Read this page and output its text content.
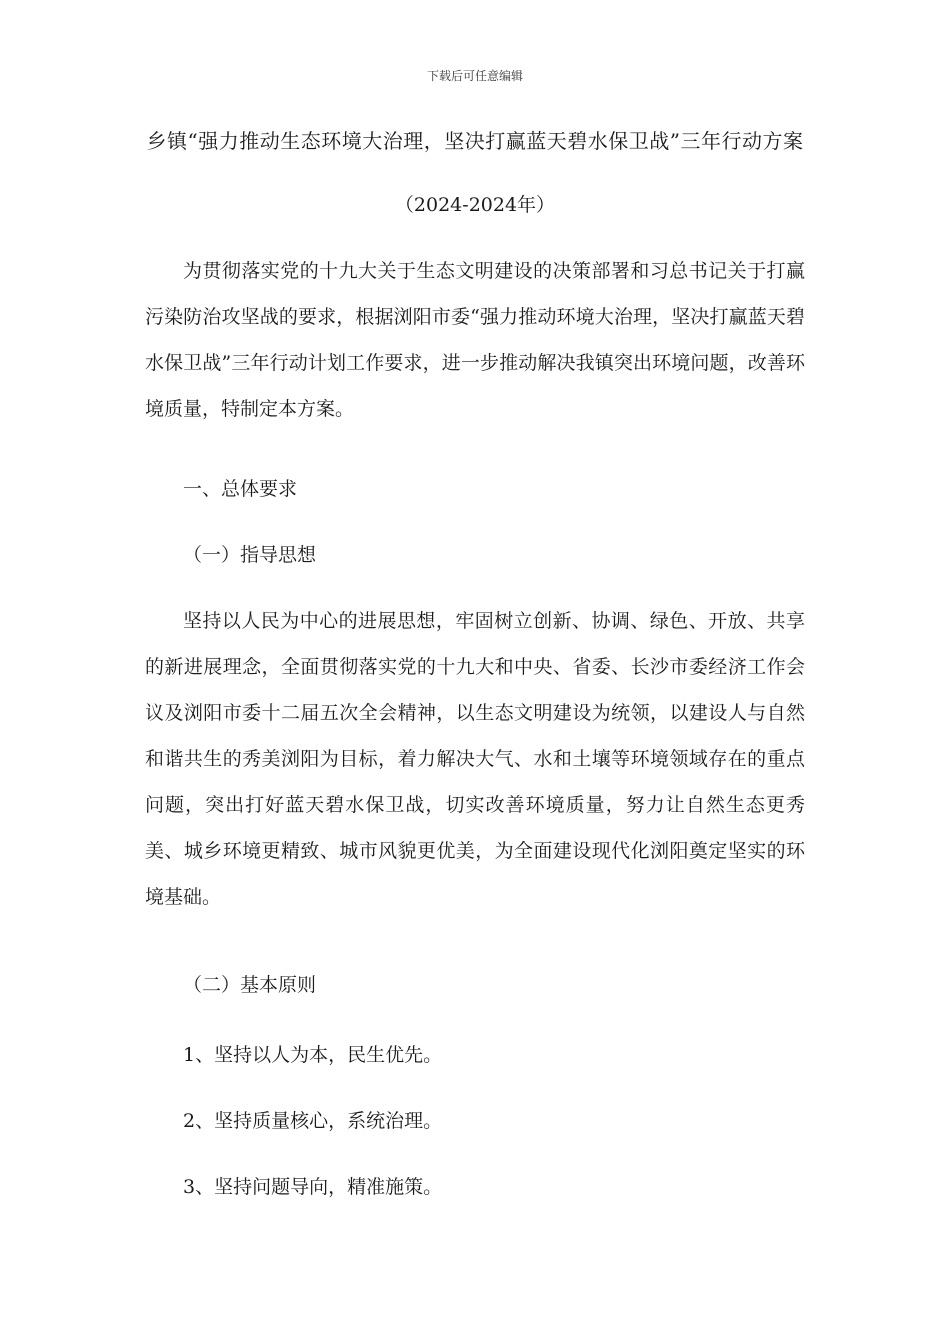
下载后可任意编辑
乡镇“强力推动生态环境大治理，坚决打赢蓝天碧水保卫战”三年行动方案
（2024-2024年）

为贯彻落实党的十九大关于生态文明建设的决策部署和习总书记关于打赢污染防治攻坚战的要求，根据浏阳市委“强力推动环境大治理，坚决打赢蓝天碧水保卫战”三年行动计划工作要求，进一步推动解决我镇突出环境问题，改善环境质量，特制定本方案。

一、总体要求

（一）指导思想

坚持以人民为中心的进展思想，牢固树立创新、协调、绿色、开放、共享的新进展理念，全面贯彻落实党的十九大和中央、省委、长沙市委经济工作会议及浏阳市委十二届五次全会精神，以生态文明建设为统领，以建设人与自然和谐共生的秀美浏阳为目标，着力解决大气、水和土壤等环境领域存在的重点问题，突出打好蓝天碧水保卫战，切实改善环境质量，努力让自然生态更秀美、城乡环境更精致、城市风貌更优美，为全面建设现代化浏阳奠定坚实的环境基础。

（二）基本原则

1、坚持以人为本，民生优先。

2、坚持质量核心，系统治理。

3、坚持问题导向，精准施策。
